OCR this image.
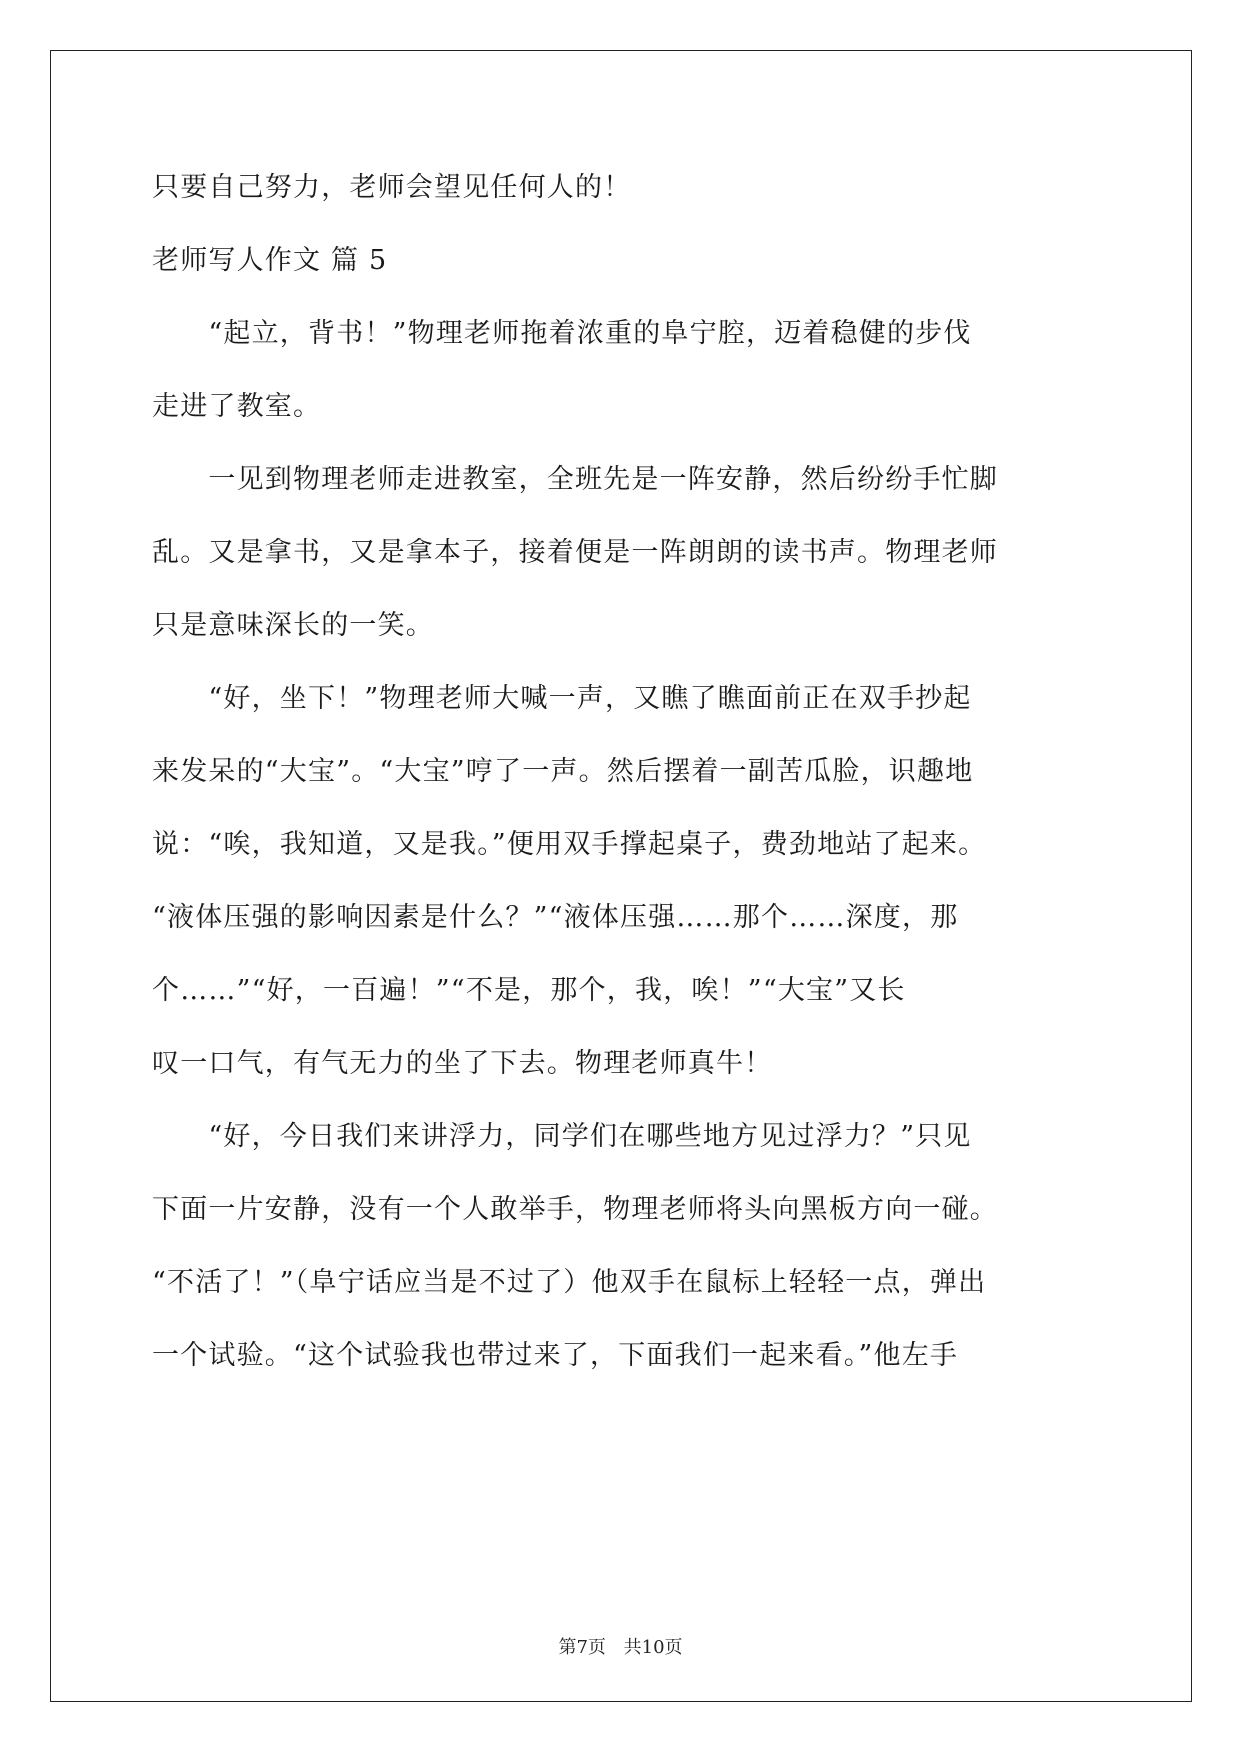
只要自己努力，老师会望见任何人的！
老师写人作文 篇 5
　　“起立，背书！”物理老师拖着浓重的阜宁腔，迈着稳健的步伐
走进了教室。
　　一见到物理老师走进教室，全班先是一阵安静，然后纷纷手忙脚
乱。又是拿书，又是拿本子，接着便是一阵朗朗的读书声。物理老师
只是意味深长的一笑。
　　“好，坐下！”物理老师大喊一声，又瞧了瞧面前正在双手抄起
来发呆的“大宝”。“大宝”哼了一声。然后摆着一副苦瓜脸，识趣地
说：“唉，我知道，又是我。”便用双手撑起桌子，费劲地站了起来。
“液体压强的影响因素是什么？”“液体压强……那个……深度，那
个……”“好，一百遍！”“不是，那个，我，唉！”“大宝”又长
叹一口气，有气无力的坐了下去。物理老师真牛！
　　“好，今日我们来讲浮力，同学们在哪些地方见过浮力？”只见
下面一片安静，没有一个人敢举手，物理老师将头向黑板方向一碰。
“不活了！”（阜宁话应当是不过了）他双手在鼠标上轻轻一点，弹出
一个试验。“这个试验我也带过来了，下面我们一起来看。”他左手
第7页 共10页
